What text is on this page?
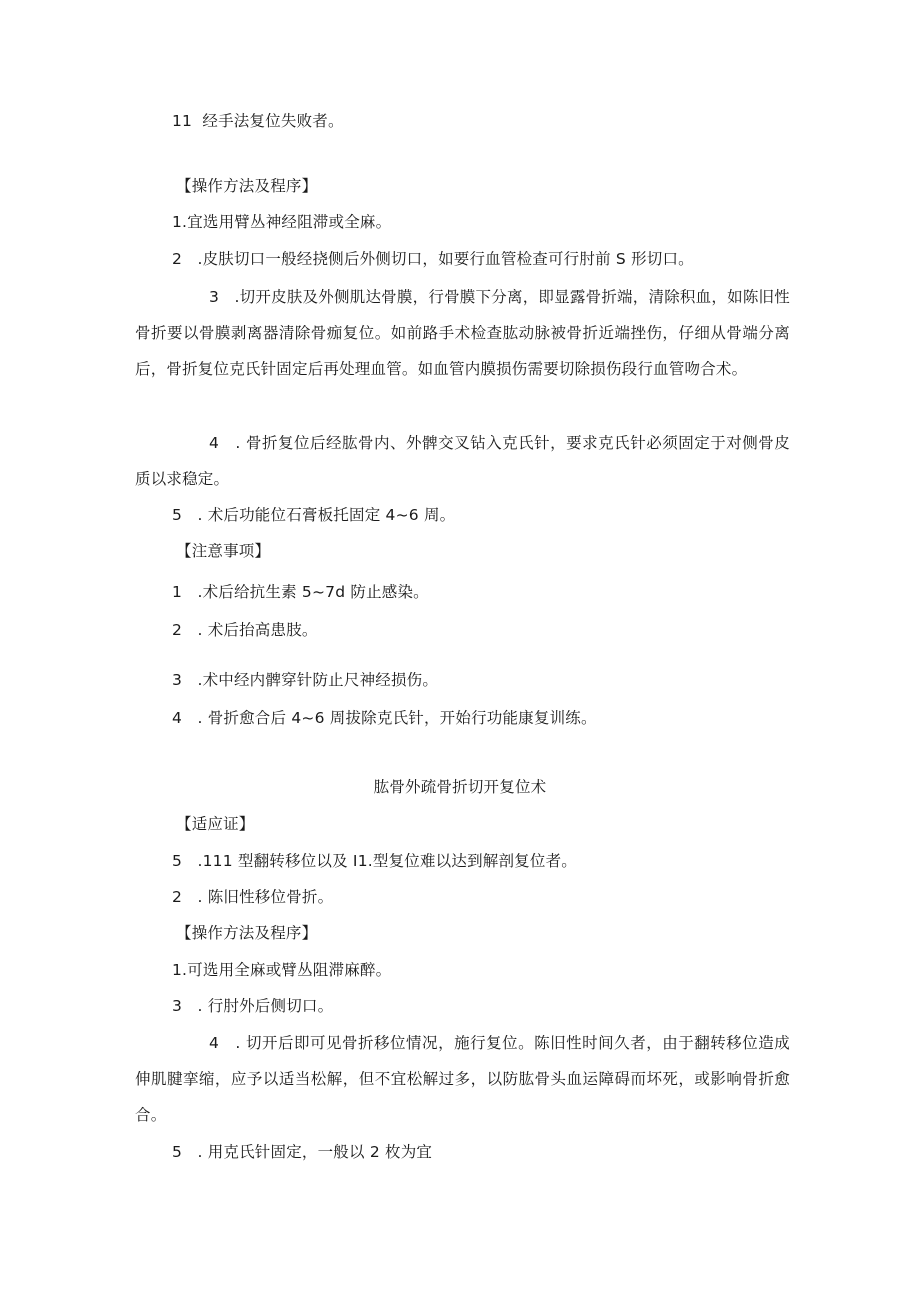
11 经手法复位失败者。
【操作方法及程序】
1.宜选用臂丛神经阻滞或全麻。
2 .皮肤切口一般经挠侧后外侧切口，如要行血管检查可行肘前 S 形切口。
3 .切开皮肤及外侧肌达骨膜，行骨膜下分离，即显露骨折端，清除积血，如陈旧性骨折要以骨膜剥离器清除骨痂复位。如前路手术检查肱动脉被骨折近端挫伤，仔细从骨端分离后，骨折复位克氏针固定后再处理血管。如血管内膜损伤需要切除损伤段行血管吻合术。
4 . 骨折复位后经肱骨内、外髀交叉钻入克氏针，要求克氏针必须固定于对侧骨皮质以求稳定。
5 . 术后功能位石膏板托固定 4~6 周。
【注意事项】
1 .术后给抗生素 5~7d 防止感染。
2 . 术后抬高患肢。
3 .术中经内髀穿针防止尺神经损伤。
4 . 骨折愈合后 4~6 周拔除克氏针，开始行功能康复训练。
肱骨外疏骨折切开复位术
【适应证】
5 .111 型翻转移位以及 I1.型复位难以达到解剖复位者。
2 . 陈旧性移位骨折。
【操作方法及程序】
1.可选用全麻或臂丛阻滞麻醉。
3 . 行肘外后侧切口。
4 . 切开后即可见骨折移位情况，施行复位。陈旧性时间久者，由于翻转移位造成伸肌腱挛缩，应予以适当松解，但不宜松解过多，以防肱骨头血运障碍而坏死，或影响骨折愈合。
5 . 用克氏针固定，一般以 2 枚为宜
